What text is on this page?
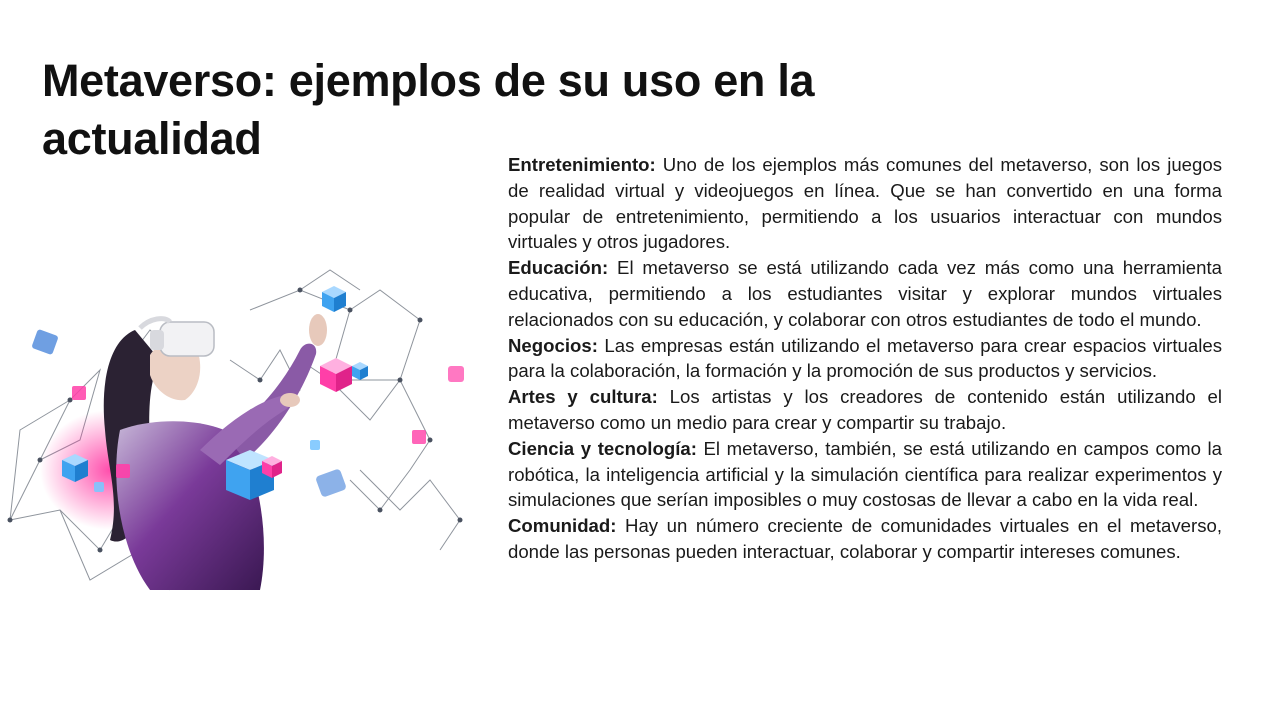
Metaverso: ejemplos de su uso en la actualidad

Entretenimiento: Uno de los ejemplos más comunes del metaverso, son los juegos de realidad virtual y videojuegos en línea. Que se han convertido en una forma popular de entretenimiento, permitiendo a los usuarios interactuar con mundos virtuales y otros jugadores.

Educación: El metaverso se está utilizando cada vez más como una herramienta educativa, permitiendo a los estudiantes visitar y explorar mundos virtuales relacionados con su educación, y colaborar con otros estudiantes de todo el mundo.

Negocios: Las empresas están utilizando el metaverso para crear espacios virtuales para la colaboración, la formación y la promoción de sus productos y servicios.

Artes y cultura: Los artistas y los creadores de contenido están utilizando el metaverso como un medio para crear y compartir su trabajo.

Ciencia y tecnología: El metaverso, también, se está utilizando en campos como la robótica, la inteligencia artificial y la simulación científica para realizar experimentos y simulaciones que serían imposibles o muy costosas de llevar a cabo en la vida real.

Comunidad: Hay un número creciente de comunidades virtuales en el metaverso, donde las personas pueden interactuar, colaborar y compartir intereses comunes.
